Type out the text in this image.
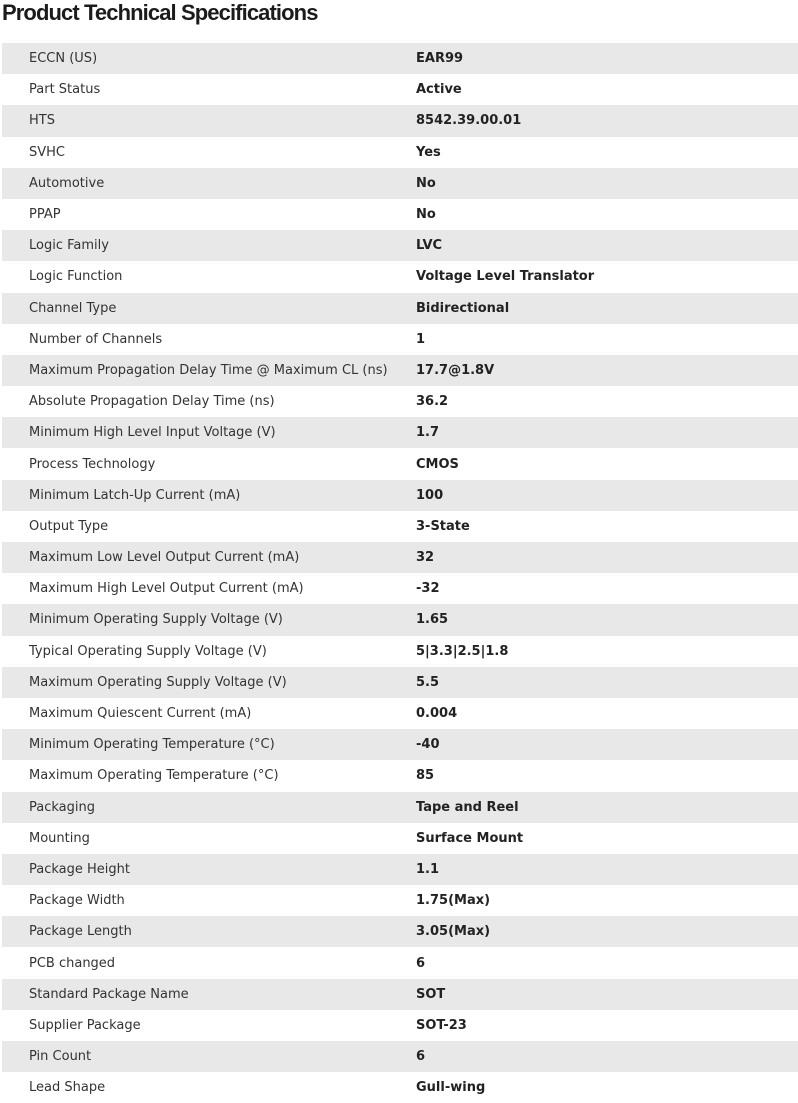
Product Technical Specifications
ECCN (US)	EAR99
Part Status	Active
HTS	8542.39.00.01
SVHC	Yes
Automotive	No
PPAP	No
Logic Family	LVC
Logic Function	Voltage Level Translator
Channel Type	Bidirectional
Number of Channels	1
Maximum Propagation Delay Time @ Maximum CL (ns)	17.7@1.8V
Absolute Propagation Delay Time (ns)	36.2
Minimum High Level Input Voltage (V)	1.7
Process Technology	CMOS
Minimum Latch-Up Current (mA)	100
Output Type	3-State
Maximum Low Level Output Current (mA)	32
Maximum High Level Output Current (mA)	-32
Minimum Operating Supply Voltage (V)	1.65
Typical Operating Supply Voltage (V)	5|3.3|2.5|1.8
Maximum Operating Supply Voltage (V)	5.5
Maximum Quiescent Current (mA)	0.004
Minimum Operating Temperature (°C)	-40
Maximum Operating Temperature (°C)	85
Packaging	Tape and Reel
Mounting	Surface Mount
Package Height	1.1
Package Width	1.75(Max)
Package Length	3.05(Max)
PCB changed	6
Standard Package Name	SOT
Supplier Package	SOT-23
Pin Count	6
Lead Shape	Gull-wing
